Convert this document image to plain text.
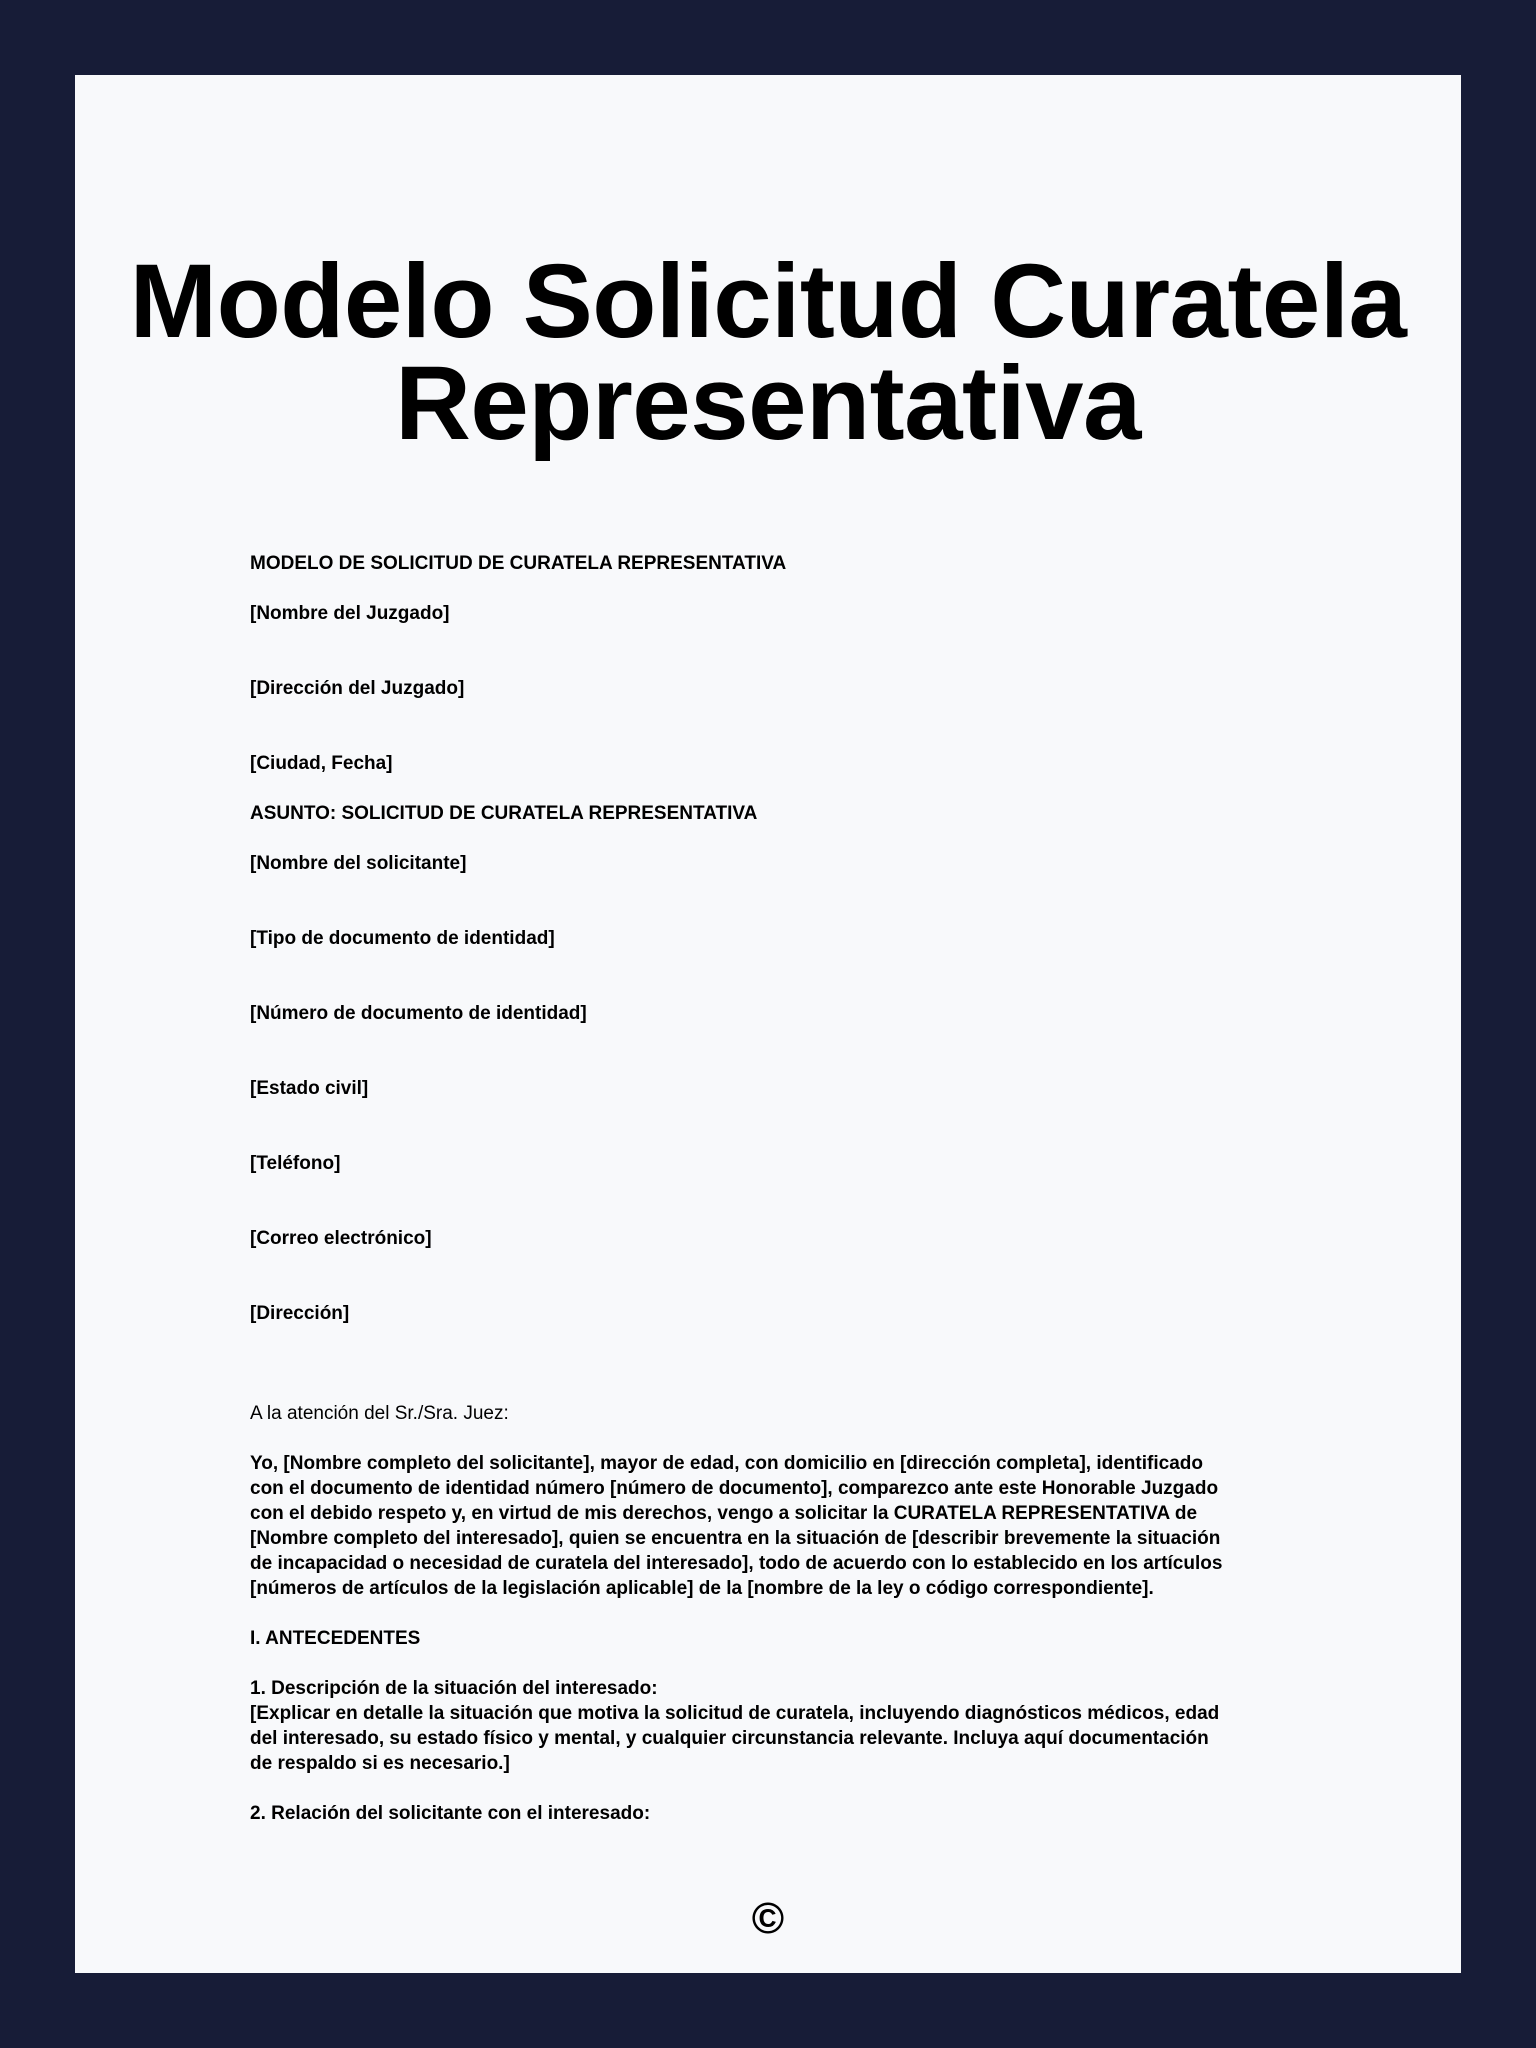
Modelo Solicitud Curatela Representativa

MODELO DE SOLICITUD DE CURATELA REPRESENTATIVA

[Nombre del Juzgado]

[Dirección del Juzgado]

[Ciudad, Fecha]

ASUNTO: SOLICITUD DE CURATELA REPRESENTATIVA

[Nombre del solicitante]

[Tipo de documento de identidad]

[Número de documento de identidad]

[Estado civil]

[Teléfono]

[Correo electrónico]

[Dirección]

A la atención del Sr./Sra. Juez:

Yo, [Nombre completo del solicitante], mayor de edad, con domicilio en [dirección completa], identificado
con el documento de identidad número [número de documento], comparezco ante este Honorable Juzgado
con el debido respeto y, en virtud de mis derechos, vengo a solicitar la CURATELA REPRESENTATIVA de
[Nombre completo del interesado], quien se encuentra en la situación de [describir brevemente la situación
de incapacidad o necesidad de curatela del interesado], todo de acuerdo con lo establecido en los artículos
[números de artículos de la legislación aplicable] de la [nombre de la ley o código correspondiente].

I. ANTECEDENTES

1. Descripción de la situación del interesado:

[Explicar en detalle la situación que motiva la solicitud de curatela, incluyendo diagnósticos médicos, edad
del interesado, su estado físico y mental, y cualquier circunstancia relevante. Incluya aquí documentación
de respaldo si es necesario.]

2. Relación del solicitante con el interesado:

©
